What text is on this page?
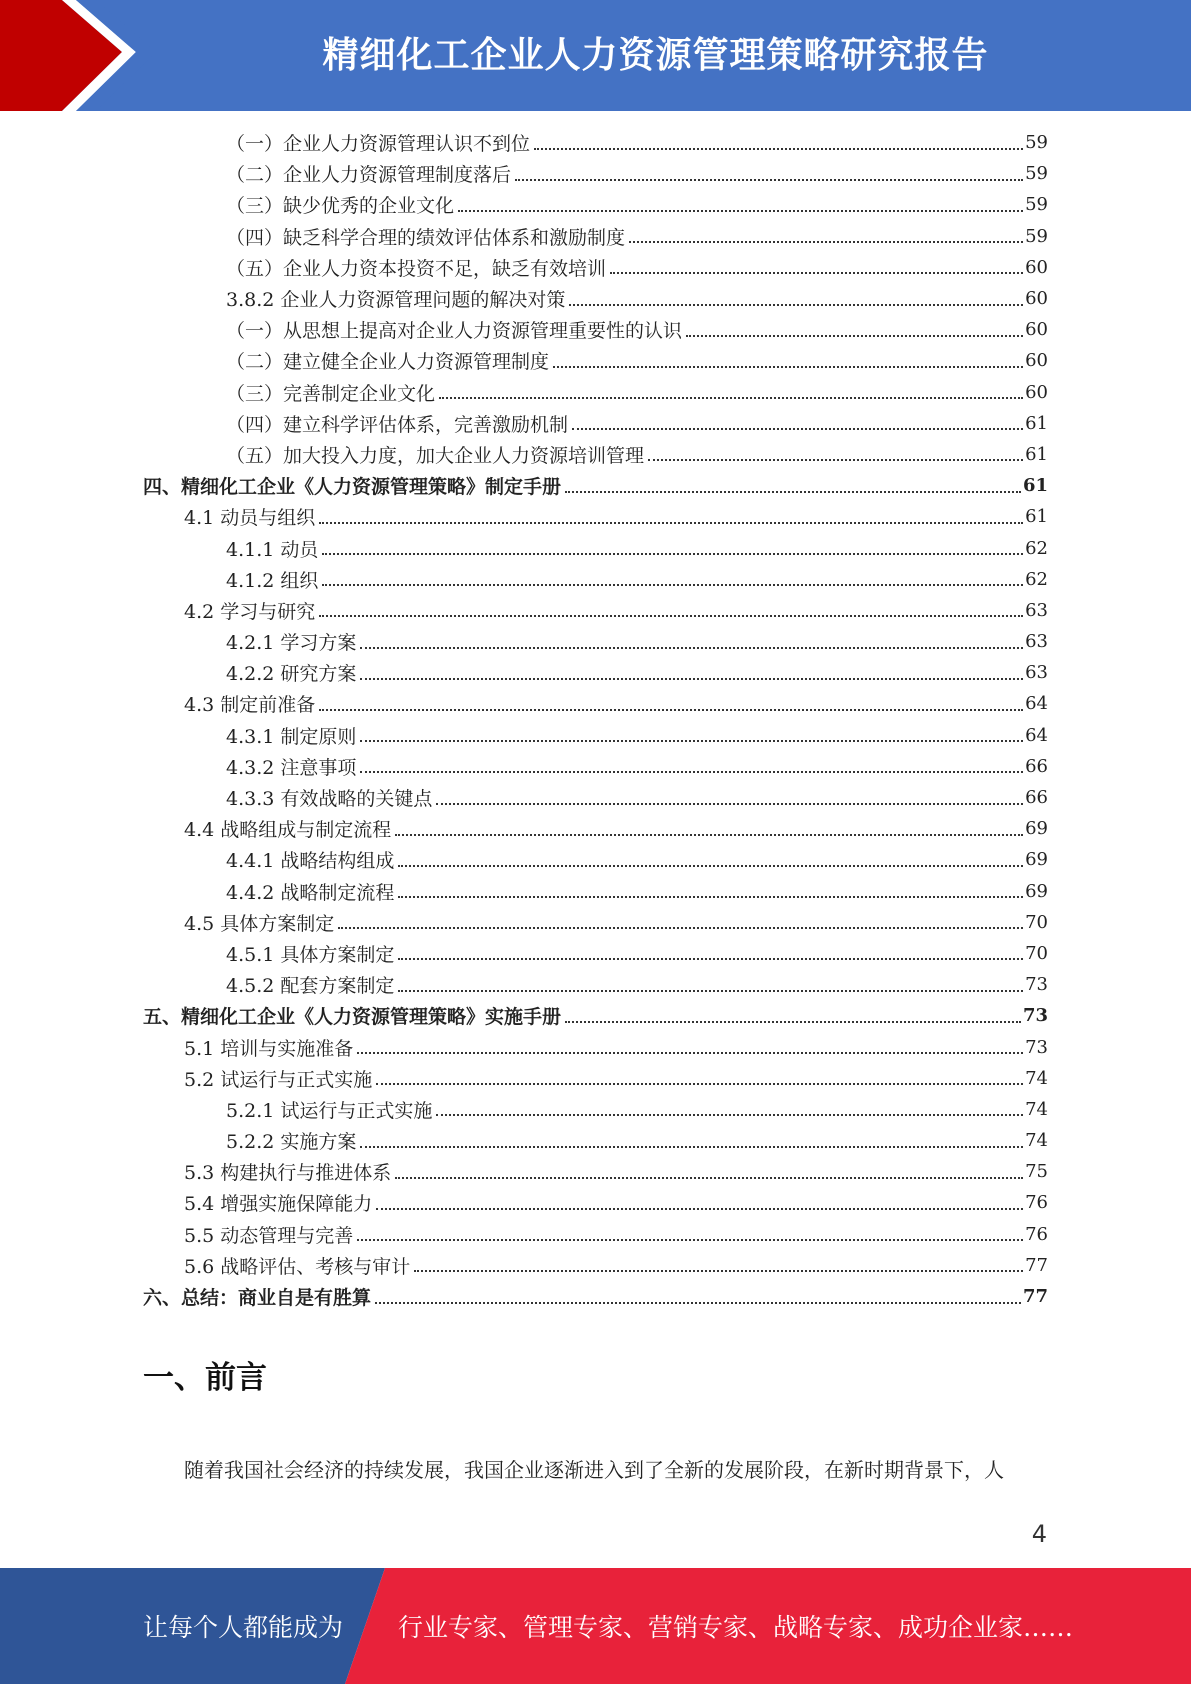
精细化工企业人力资源管理策略研究报告
（一）企业人力资源管理认识不到位	59
（二）企业人力资源管理制度落后	59
（三）缺少优秀的企业文化	59
（四）缺乏科学合理的绩效评估体系和激励制度	59
（五）企业人力资本投资不足，缺乏有效培训	60
3.8.2 企业人力资源管理问题的解决对策	60
（一）从思想上提高对企业人力资源管理重要性的认识	60
（二）建立健全企业人力资源管理制度	60
（三）完善制定企业文化	60
（四）建立科学评估体系，完善激励机制	61
（五）加大投入力度，加大企业人力资源培训管理	61
四、精细化工企业《人力资源管理策略》制定手册	61
4.1 动员与组织	61
4.1.1 动员	62
4.1.2 组织	62
4.2 学习与研究	63
4.2.1 学习方案	63
4.2.2 研究方案	63
4.3 制定前准备	64
4.3.1 制定原则	64
4.3.2 注意事项	66
4.3.3 有效战略的关键点	66
4.4 战略组成与制定流程	69
4.4.1 战略结构组成	69
4.4.2 战略制定流程	69
4.5 具体方案制定	70
4.5.1 具体方案制定	70
4.5.2 配套方案制定	73
五、精细化工企业《人力资源管理策略》实施手册	73
5.1 培训与实施准备	73
5.2 试运行与正式实施	74
5.2.1 试运行与正式实施	74
5.2.2 实施方案	74
5.3 构建执行与推进体系	75
5.4 增强实施保障能力	76
5.5 动态管理与完善	76
5.6 战略评估、考核与审计	77
六、总结：商业自是有胜算	77
一、前言
随着我国社会经济的持续发展，我国企业逐渐进入到了全新的发展阶段，在新时期背景下，人
4
让每个人都能成为 行业专家、管理专家、营销专家、战略专家、成功企业家……
